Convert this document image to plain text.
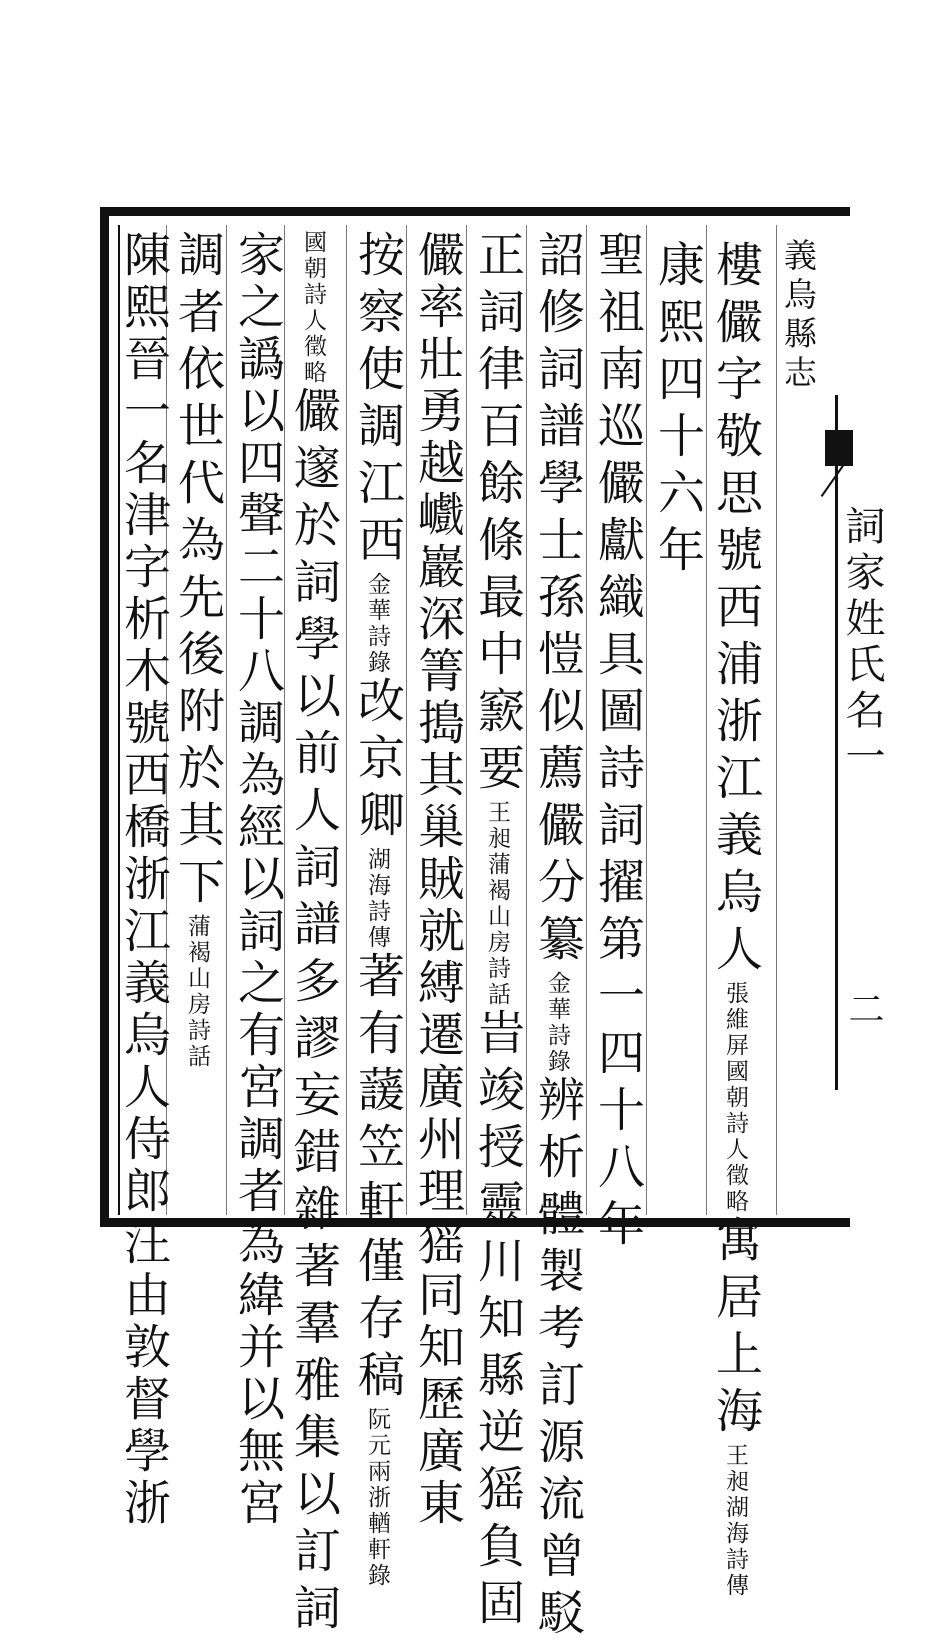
詞家姓氏名一
二
義烏縣志
樓儼字敬思號西浦浙江義烏人張維屏國朝詩人徵略寓居上海王昶湖海詩傳
康熙四十六年
聖祖南巡儼獻織具圖詩詞擢第一四十八年
詔修詞譜學士孫愷似薦儼分纂金華詩錄辨析體製考訂源流曾駁
正詞律百餘條最中窾要王昶蒲褐山房詩話旹竣授靈川知縣逆猺負固
儼率壯勇越巇巖深箐搗其巢賊就縛遷廣州理猺同知歷廣東
按察使調江西金華詩錄改京卿湖海詩傳著有蘐笠軒僅存稿阮元兩浙輶軒錄
國朝詩人徵略儼邃於詞學以前人詞譜多謬妄錯雜著羣雅集以訂詞
家之譌以四聲二十八調為經以詞之有宮調者為緯并以無宮
調者依世代為先後附於其下蒲褐山房詩話
陳熙晉一名津字析木號西橋浙江義烏人侍郎汪由敦督學浙
